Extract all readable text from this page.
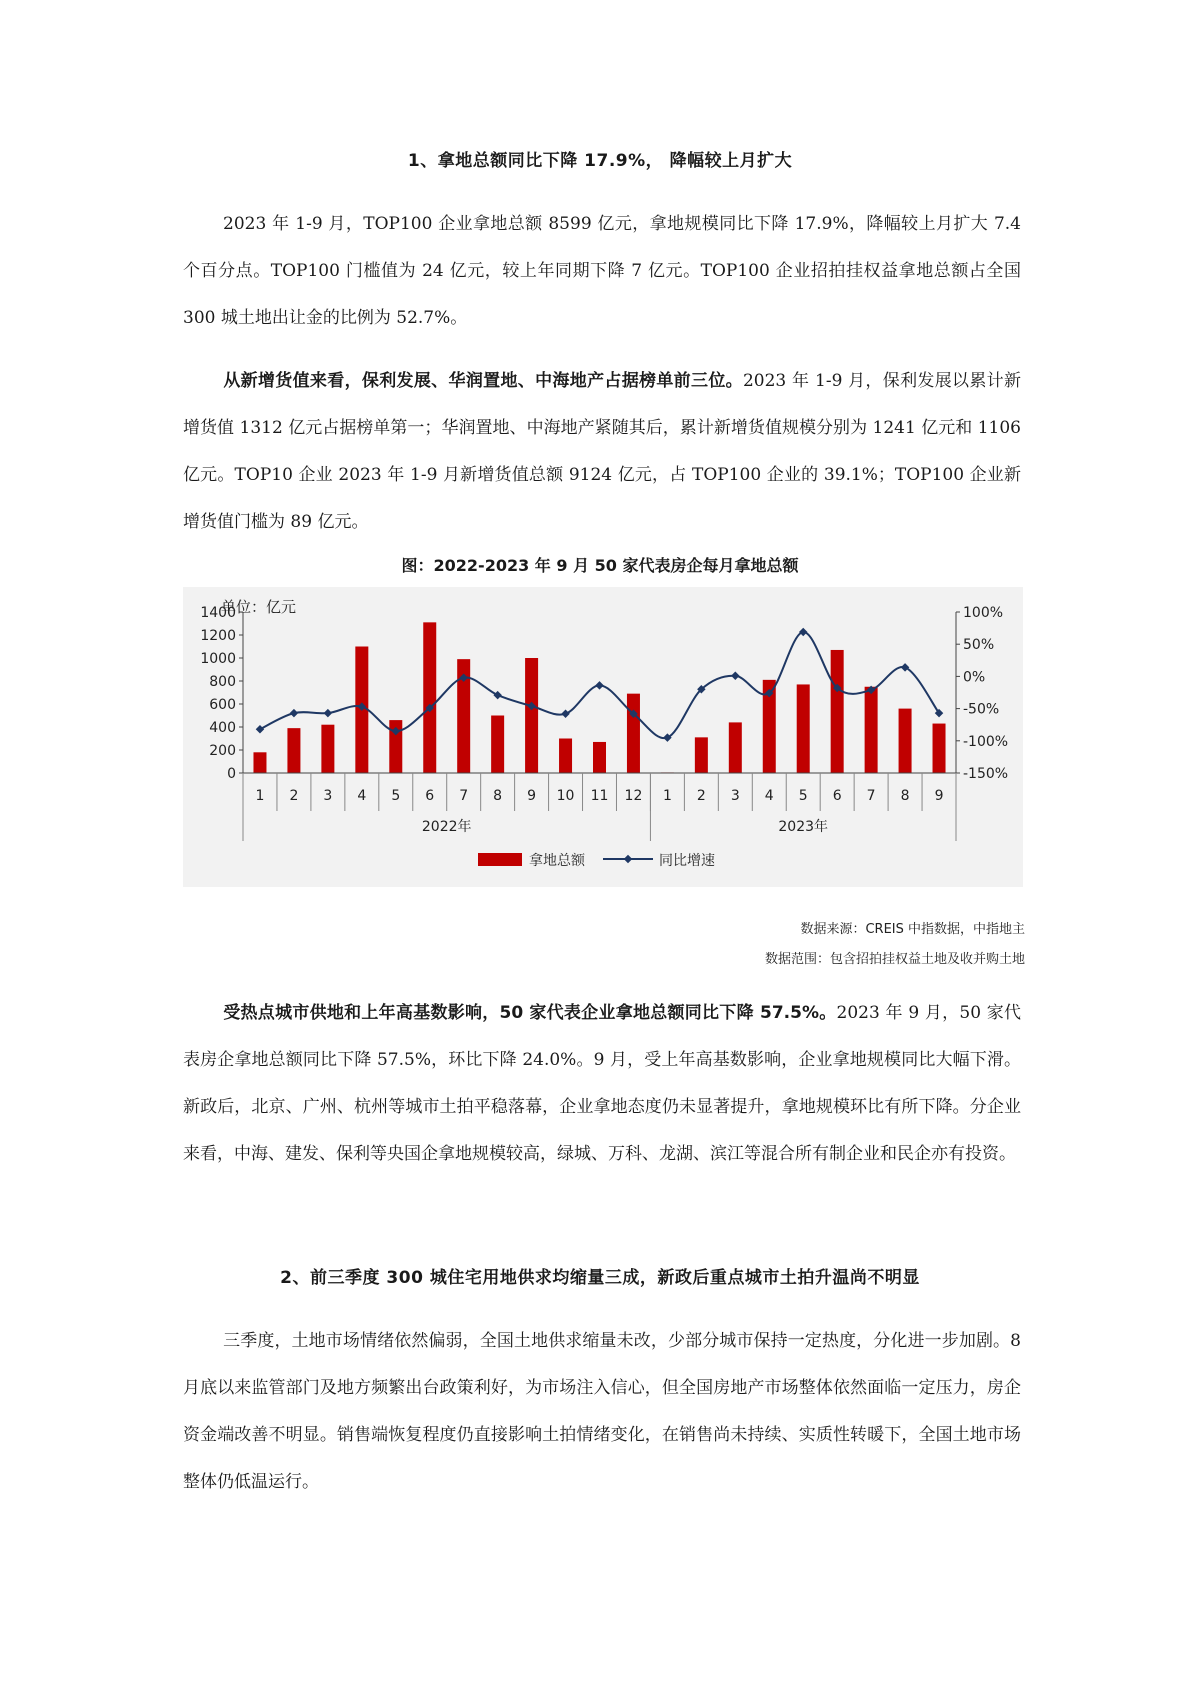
1、拿地总额同比下降 17.9%， 降幅较上月扩大

2023 年 1-9 月，TOP100 企业拿地总额 8599 亿元，拿地规模同比下降 17.9%，降幅较上月扩大 7.4 个百分点。TOP100 门槛值为 24 亿元，较上年同期下降 7 亿元。TOP100 企业招拍挂权益拿地总额占全国 300 城土地出让金的比例为 52.7%。

从新增货值来看，保利发展、华润置地、中海地产占据榜单前三位。2023 年 1-9 月，保利发展以累计新增货值 1312 亿元占据榜单第一；华润置地、中海地产紧随其后，累计新增货值规模分别为 1241 亿元和 1106 亿元。TOP10 企业 2023 年 1-9 月新增货值总额 9124 亿元，占 TOP100 企业的 39.1%；TOP100 企业新增货值门槛为 89 亿元。

图：2022-2023 年 9 月 50 家代表房企每月拿地总额
0
200
400
600
800
1000
1200
1400
-150%
-100%
-50%
0%
50%
100%
1 2 3 4 5 6 7 8 9 10 11 12 1 2 3 4 5 6 7 8 9
2022年	2023年
单位：亿元
拿地总额	同比增速
数据来源：CREIS 中指数据，中指地主
数据范围：包含招拍挂权益土地及收并购土地

受热点城市供地和上年高基数影响，50 家代表企业拿地总额同比下降 57.5%。2023 年 9 月，50 家代表房企拿地总额同比下降 57.5%，环比下降 24.0%。9 月，受上年高基数影响，企业拿地规模同比大幅下滑。新政后，北京、广州、杭州等城市土拍平稳落幕，企业拿地态度仍未显著提升，拿地规模环比有所下降。分企业来看，中海、建发、保利等央国企拿地规模较高，绿城、万科、龙湖、滨江等混合所有制企业和民企亦有投资。

2、前三季度 300 城住宅用地供求均缩量三成，新政后重点城市土拍升温尚不明显

三季度，土地市场情绪依然偏弱，全国土地供求缩量未改，少部分城市保持一定热度，分化进一步加剧。8 月底以来监管部门及地方频繁出台政策利好，为市场注入信心，但全国房地产市场整体依然面临一定压力，房企资金端改善不明显。销售端恢复程度仍直接影响土拍情绪变化，在销售尚未持续、实质性转暖下，全国土地市场整体仍低温运行。
